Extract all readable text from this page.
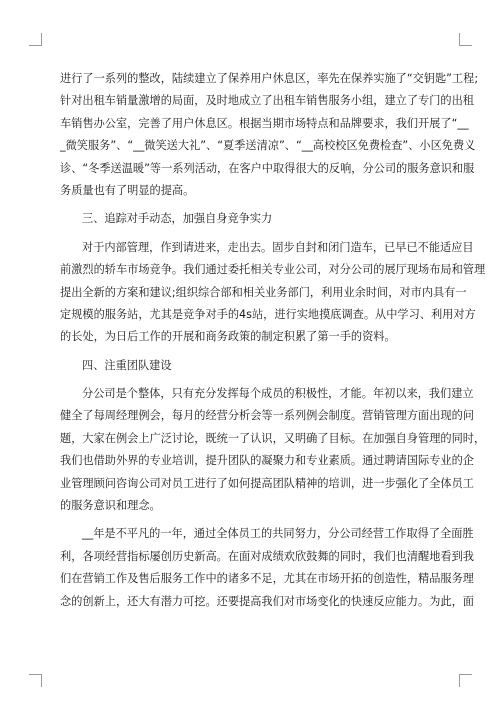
进行了一系列的整改，陆续建立了保养用户休息区，率先在保养实施了“交钥匙”工程;
针对出租车销量激增的局面，及时地成立了出租车销售服务小组，建立了专门的出租
车销售办公室，完善了用户休息区。根据当期市场特点和品牌要求，我们开展了“__
_微笑服务”、“__微笑送大礼”、“夏季送清凉”、“__高校校区免费检查”、小区免费义
诊、“冬季送温暖”等一系列活动，在客户中取得很大的反响，分公司的服务意识和服
务质量也有了明显的提高。
三、追踪对手动态，加强自身竞争实力
对于内部管理，作到请进来，走出去。固步自封和闭门造车，已早已不能适应目
前激烈的轿车市场竞争。我们通过委托相关专业公司，对分公司的展厅现场布局和管理
提出全新的方案和建议;组织综合部和相关业务部门，利用业余时间，对市内具有一
定规模的服务站，尤其是竞争对手的4s站，进行实地摸底调查。从中学习、利用对方
的长处，为日后工作的开展和商务政策的制定积累了第一手的资料。
四、注重团队建设
分公司是个整体，只有充分发挥每个成员的积极性，才能。年初以来，我们建立
健全了每周经理例会，每月的经营分析会等一系列例会制度。营销管理方面出现的问
题，大家在例会上广泛讨论，既统一了认识，又明确了目标。在加强自身管理的同时，
我们也借助外界的专业培训，提升团队的凝聚力和专业素质。通过聘请国际专业的企
业管理顾问咨询公司对员工进行了如何提高团队精神的培训，进一步强化了全体员工
的服务意识和理念。
__年是不平凡的一年，通过全体员工的共同努力，分公司经营工作取得了全面胜
利，各项经营指标屡创历史新高。在面对成绩欢欣鼓舞的同时，我们也清醒地看到我
们在营销工作及售后服务工作中的诸多不足，尤其在市场开拓的创造性，精品服务理
念的创新上，还大有潜力可挖。还要提高我们对市场变化的快速反应能力。为此，面
